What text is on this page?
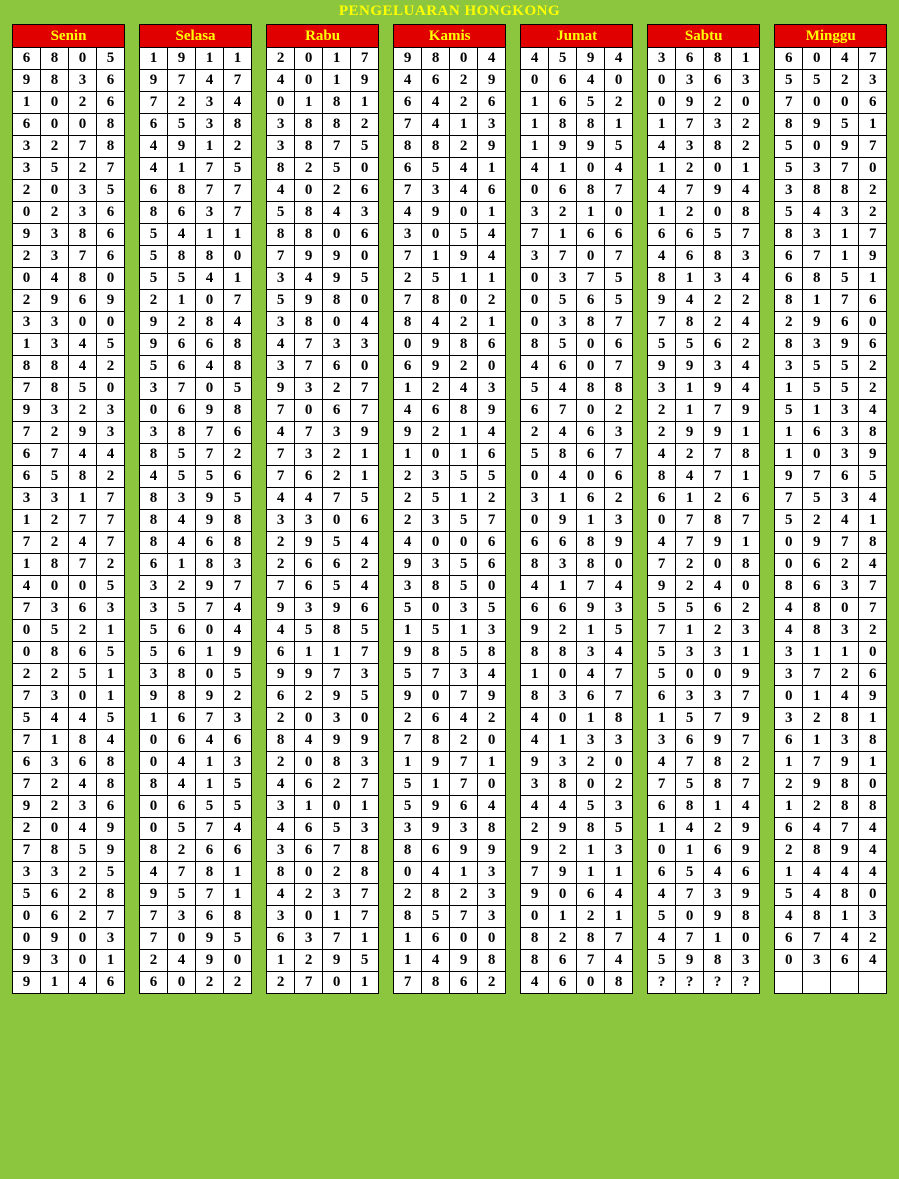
PENGELUARAN HONGKONG
Senin					Selasa					Rabu					Kamis					Jumat					Sabtu					Minggu			
6	8	0	5		1	9	1	1		2	0	1	7		9	8	0	4		4	5	9	4		3	6	8	1		6	0	4	7
9	8	3	6		9	7	4	7		4	0	1	9		4	6	2	9		0	6	4	0		0	3	6	3		5	5	2	3
1	0	2	6		7	2	3	4		0	1	8	1		6	4	2	6		1	6	5	2		0	9	2	0		7	0	0	6
6	0	0	8		6	5	3	8		3	8	8	2		7	4	1	3		1	8	8	1		1	7	3	2		8	9	5	1
3	2	7	8		4	9	1	2		3	8	7	5		8	8	2	9		1	9	9	5		4	3	8	2		5	0	9	7
3	5	2	7		4	1	7	5		8	2	5	0		6	5	4	1		4	1	0	4		1	2	0	1		5	3	7	0
2	0	3	5		6	8	7	7		4	0	2	6		7	3	4	6		0	6	8	7		4	7	9	4		3	8	8	2
0	2	3	6		8	6	3	7		5	8	4	3		4	9	0	1		3	2	1	0		1	2	0	8		5	4	3	2
9	3	8	6		5	4	1	1		8	8	0	6		3	0	5	4		7	1	6	6		6	6	5	7		8	3	1	7
2	3	7	6		5	8	8	0		7	9	9	0		7	1	9	4		3	7	0	7		4	6	8	3		6	7	1	9
0	4	8	0		5	5	4	1		3	4	9	5		2	5	1	1		0	3	7	5		8	1	3	4		6	8	5	1
2	9	6	9		2	1	0	7		5	9	8	0		7	8	0	2		0	5	6	5		9	4	2	2		8	1	7	6
3	3	0	0		9	2	8	4		3	8	0	4		8	4	2	1		0	3	8	7		7	8	2	4		2	9	6	0
1	3	4	5		9	6	6	8		4	7	3	3		0	9	8	6		8	5	0	6		5	5	6	2		8	3	9	6
8	8	4	2		5	6	4	8		3	7	6	0		6	9	2	0		4	6	0	7		9	9	3	4		3	5	5	2
7	8	5	0		3	7	0	5		9	3	2	7		1	2	4	3		5	4	8	8		3	1	9	4		1	5	5	2
9	3	2	3		0	6	9	8		7	0	6	7		4	6	8	9		6	7	0	2		2	1	7	9		5	1	3	4
7	2	9	3		3	8	7	6		4	7	3	9		9	2	1	4		2	4	6	3		2	9	9	1		1	6	3	8
6	7	4	4		8	5	7	2		7	3	2	1		1	0	1	6		5	8	6	7		4	2	7	8		1	0	3	9
6	5	8	2		4	5	5	6		7	6	2	1		2	3	5	5		0	4	0	6		8	4	7	1		9	7	6	5
3	3	1	7		8	3	9	5		4	4	7	5		2	5	1	2		3	1	6	2		6	1	2	6		7	5	3	4
1	2	7	7		8	4	9	8		3	3	0	6		2	3	5	7		0	9	1	3		0	7	8	7		5	2	4	1
7	2	4	7		8	4	6	8		2	9	5	4		4	0	0	6		6	6	8	9		4	7	9	1		0	9	7	8
1	8	7	2		6	1	8	3		2	6	6	2		9	3	5	6		8	3	8	0		7	2	0	8		0	6	2	4
4	0	0	5		3	2	9	7		7	6	5	4		3	8	5	0		4	1	7	4		9	2	4	0		8	6	3	7
7	3	6	3		3	5	7	4		9	3	9	6		5	0	3	5		6	6	9	3		5	5	6	2		4	8	0	7
0	5	2	1		5	6	0	4		4	5	8	5		1	5	1	3		9	2	1	5		7	1	2	3		4	8	3	2
0	8	6	5		5	6	1	9		6	1	1	7		9	8	5	8		8	8	3	4		5	3	3	1		3	1	1	0
2	2	5	1		3	8	0	5		9	9	7	3		5	7	3	4		1	0	4	7		5	0	0	9		3	7	2	6
7	3	0	1		9	8	9	2		6	2	9	5		9	0	7	9		8	3	6	7		6	3	3	7		0	1	4	9
5	4	4	5		1	6	7	3		2	0	3	0		2	6	4	2		4	0	1	8		1	5	7	9		3	2	8	1
7	1	8	4		0	6	4	6		8	4	9	9		7	8	2	0		4	1	3	3		3	6	9	7		6	1	3	8
6	3	6	8		0	4	1	3		2	0	8	3		1	9	7	1		9	3	2	0		4	7	8	2		1	7	9	1
7	2	4	8		8	4	1	5		4	6	2	7		5	1	7	0		3	8	0	2		7	5	8	7		2	9	8	0
9	2	3	6		0	6	5	5		3	1	0	1		5	9	6	4		4	4	5	3		6	8	1	4		1	2	8	8
2	0	4	9		0	5	7	4		4	6	5	3		3	9	3	8		2	9	8	5		1	4	2	9		6	4	7	4
7	8	5	9		8	2	6	6		3	6	7	8		8	6	9	9		9	2	1	3		0	1	6	9		2	8	9	4
3	3	2	5		4	7	8	1		8	0	2	8		0	4	1	3		7	9	1	1		6	5	4	6		1	4	4	4
5	6	2	8		9	5	7	1		4	2	3	7		2	8	2	3		9	0	6	4		4	7	3	9		5	4	8	0
0	6	2	7		7	3	6	8		3	0	1	7		8	5	7	3		0	1	2	1		5	0	9	8		4	8	1	3
0	9	0	3		7	0	9	5		6	3	7	1		1	6	0	0		8	2	8	7		4	7	1	0		6	7	4	2
9	3	0	1		2	4	9	0		1	2	9	5		1	4	9	8		8	6	7	4		5	9	8	3		0	3	6	4
9	1	4	6		6	0	2	2		2	7	0	1		7	8	6	2		4	6	0	8		?	?	?	?					
